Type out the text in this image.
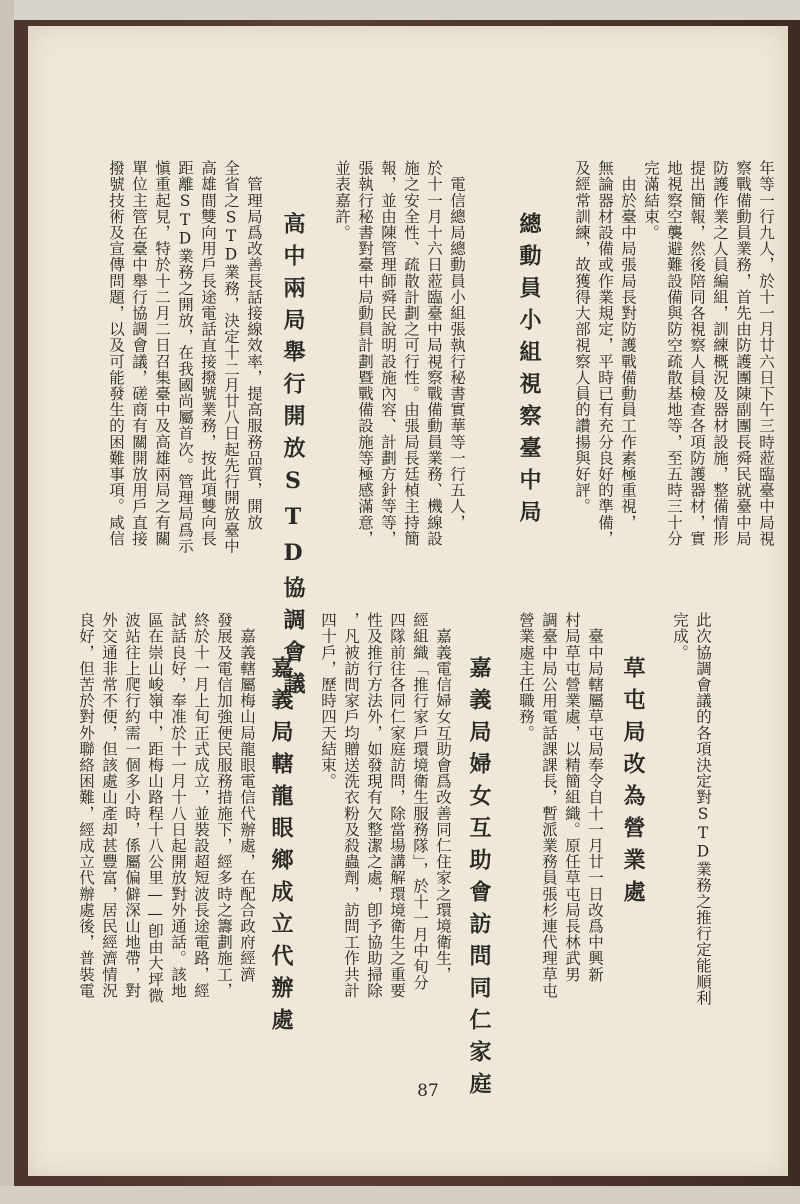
年等一行九人，於十一月廿六日下午三時蒞臨臺中局視
察戰備動員業務，首先由防護團陳副團長舜民就臺中局
防護作業之人員編組，訓練概況及器材設施，整備情形
提出簡報，然後陪同各視察人員檢查各項防護器材，實
地視察空襲避難設備與防空疏散基地等，至五時三十分
完滿結束。
　由於臺中局張局長對防護戰備動員工作素極重視，
無論器材設備或作業規定，平時已有充分良好的準備，
及經常訓練，故獲得大部視察人員的讚揚與好評。
總動員小組視察臺中局
　電信總局總動員小組張執行秘書實華等一行五人，
於十一月十六日蒞臨臺中局視察戰備動員業務、機線設
施之安全性、疏散計劃之可行性。由張局長廷楨主持簡
報，並由陳管理師舜民說明設施內容、計劃方針等等，
張執行秘書對臺中局動員計劃暨戰備設施等極感滿意，
並表嘉許。
高中兩局舉行開放STD協調會議
　管理局爲改善長話接線效率，提高服務品質，開放
全省之STD業務，決定十二月廿八日起先行開放臺中
高雄間雙向用戶長途電話直接撥號業務，按此項雙向長
距離STD業務之開放，在我國尚屬首次。管理局爲示
愼重起見，特於十二月二日召集臺中及高雄兩局之有關
單位主管在臺中舉行協調會議，磋商有關開放用戶直接
撥號技術及宣傳問題，以及可能發生的困難事項。咸信
此次協調會議的各項決定對STD業務之推行定能順利
完成。
草屯局改為營業處
　臺中局轄屬草屯局奉令自十一月廿一日改爲中興新
村局草屯營業處，以精簡組織。原任草屯局長林武男
調臺中局公用電話課課長，暫派業務員張杉連代理草屯
營業處主任職務。
嘉義局婦女互助會訪問同仁家庭
　嘉義電信婦女互助會爲改善同仁住家之環境衛生，
經組織「推行家戶環境衛生服務隊」，於十一月中旬分
四隊前往各同仁家庭訪問，除當場講解環境衛生之重要
性及推行方法外，如發現有欠整潔之處，卽予協助掃除
，凡被訪問家戶均贈送洗衣粉及殺蟲劑，訪問工作共計
四十戶，歷時四天結束。
嘉義局轄龍眼鄉成立代辦處
　嘉義轄屬梅山局龍眼電信代辦處，在配合政府經濟
發展及電信加強便民服務措施下，經多時之籌劃施工，
終於十一月上旬正式成立，並裝設超短波長途電路，經
試話良好，奉准於十一月十八日起開放對外通話。該地
區在崇山峻嶺中，距梅山路程十八公里——卽由大坪微
波站往上爬行約需一個多小時，係屬偏僻深山地帶，對
外交通非常不便，但該處山產却甚豐富，居民經濟情況
良好，但苦於對外聯絡困難，經成立代辦處後，普裝電
87
